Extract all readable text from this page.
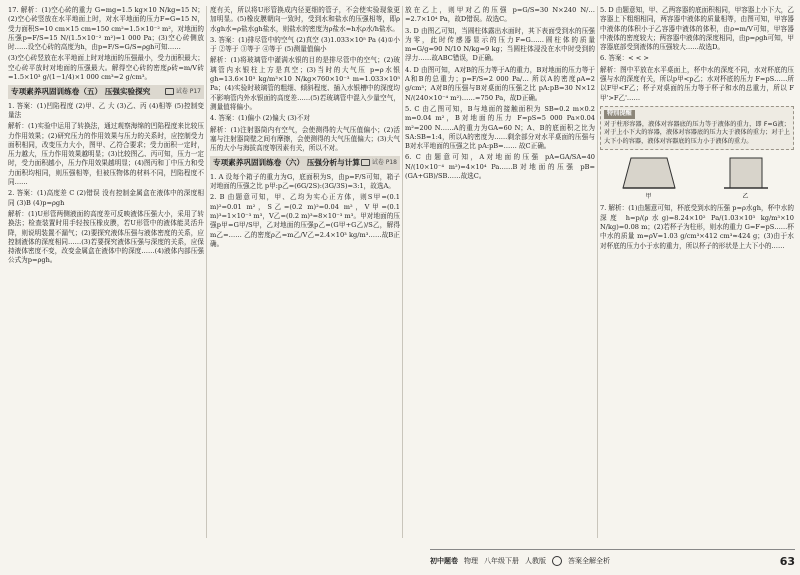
17. 解析：(1)空心砖的重力 G=mg=1.5 kg×10 N/kg=15 N；(2)空心砖竖放在水平地面上时，对水平地面的压力F=G=15 N，受力面积S=10 cm×15 cm=150 cm²=1.5×10⁻² m²，对地面的压强p=F/S=15 N/(1.5×10⁻² m²)=1 000 Pa；(3)空心砖侧放时……设空心砖的高度为h，由p=F/S=G/S=ρgh可知……

(3)空心砖竖放在水平地面上时对地面的压强最小，受力面积最大；空心砖平放时对地面的压强最大。解得空心砖的密度ρ砖=m/V砖=1.5×10³ g/(1−1/4)×1 000 cm³=2 g/cm³。

专项素养巩固训练卷（五） 压强实验探究	试卷 P17

1. 答案：(1)凹陷程度 (2)甲、乙 大 (3)乙、丙 (4)相等 (5)控制变量法

解析：(1)实验中运用了转换法，通过观察海绵的凹陷程度来比较压力作用效果；(2)研究压力的作用效果与压力的关系时，应控制受力面积相同，改变压力大小，图甲、乙符合要求；受力面积一定时，压力越大，压力作用效果越明显；(3)比较图乙、丙可知，压力一定时，受力面积越小，压力作用效果越明显；(4)图丙和丁中压力和受力面积均相同，则压强相等，但被压物体的材料不同，凹陷程度不同……

2. 答案：(1)高度差 C (2)错误 没有控制金属盒在液体中的深度相同 (3)B (4)p=ρgh

解析：(1)U形管两侧液面的高度差可反映液体压强大小，采用了转换法；检查装置时用手轻按压橡皮膜，若U形管中的液体能灵活升降，则说明装置不漏气；(2)要探究液体压强与液体密度的关系，应控制液体的深度相同……(3)若要探究液体压强与深度的关系，应保持液体密度不变，改变金属盒在液体中的深度……(4)液体内部压强公式为p=ρgh。

度有关，所以将U形管换成内径更细的管子，不会使实验现象更加明显。(5)橡皮膜朝向一致时，受到水和盐水的压强相等，即ρ水gh水=ρ盐水gh盐水，则盐水的密度为ρ盐水=h水ρ水/h盐水。

3. 答案：(1)排尽管中的空气 (2)真空 (3)1.033×10⁵ Pa (4)①小于 ②等于 ③等于 ④等于 (5)测量值偏小

解析：(1)将玻璃管中灌满水银的目的是排尽管中的空气；(2)玻璃管内水银柱上方是真空；(3)当时的大气压 p=ρ水银gh=13.6×10³ kg/m³×10 N/kg×760×10⁻³ m=1.033×10⁵ Pa；(4)实验时玻璃管的粗细、倾斜程度、插入水银槽中的深度均不影响管内外水银面的高度差……(5)若玻璃管中混入少量空气，测量值将偏小。

4. 答案：(1)偏小 (2)偏大 (3)不对

解析：(1)注射器筒内有空气，会使测得的大气压值偏小；(2)活塞与注射器筒壁之间有摩擦，会使测得的大气压值偏大；(3)大气压的大小与海拔高度等因素有关，所以不对。

专项素养巩固训练卷（六） 压强分析与计算	试卷 P18

1. A 设每个箱子的重力为G，底面积为S，由p=F/S可知，箱子对地面的压强之比 p甲:p乙=(6G/2S):(3G/3S)=3:1，故选A。

2. B 由题意可知，甲、乙均为实心正方体，则S甲=(0.1 m)²=0.01 m²，S乙=(0.2 m)²=0.04 m²，V甲=(0.1 m)³=1×10⁻³ m³，V乙=(0.2 m)³=8×10⁻³ m³。甲对地面的压强p甲=G甲/S甲，乙对地面的压强p乙=(G甲+G乙)/S乙，解得 m乙=…… 乙的密度ρ乙=m乙/V乙=2.4×10³ kg/m³……故B正确。

放在乙上，则甲对乙的压强 p=G/S=30 N×240 N/… =2.7×10⁴ Pa，故D错误。故选C。

3. D 由图乙可知，当圆柱体露出水面时，其下表面受到水的压强为零，此时传感器显示的压力F=G……圆柱体的质量 m=G/g=90 N/10 N/kg=9 kg；当圆柱体浸没在水中时受到的浮力……故ABC错误，D正确。

4. D 由图可知，A对B的压力等于A的重力，B对地面的压力等于A和B的总重力；p=F/S=2 000 Pa/… 所以A的密度ρA=2 g/cm³；A对B的压强与B对桌面的压强之比 pA:pB=30 N×12 N/(240×10⁻⁴ m²)……=750 Pa，故D正确。

5. C 由乙图可知，B与地面的接触面积为 SB=0.2 m×0.2 m=0.04 m²，B对地面的压力 F=pS=5 000 Pa×0.04 m²=200 N……A的重力为GA=60 N；A、B的底面积之比为 SA:SB=1:4，所以A的密度为……剩余部分对水平桌面的压强与B对水平地面的压强之比 pA:pB=…… 故C正确。

6. C 由题意可知，A对地面的压强 pA=GA/SA=40 N/(10×10⁻⁴ m²)=4×10⁴ Pa……B对地面的压强 pB=(GA+GB)/SB……故选C。

5. D 由题意知，甲、乙两容器的底面积相同，甲容器上小下大，乙容器上下粗细相同，两容器中液体的质量相等，由图可知，甲容器中液体的体积小于乙容器中液体的体积，由ρ=m/V可知，甲容器中液体的密度较大；两容器中液体的深度相同，由p=ρgh可知，甲容器底部受到液体的压强较大……故选D。

6. 答案：< < >

解析：图中平放在水平桌面上，杯中水的深度不同，水对杯底的压强与水的深度有关，所以p甲<p乙；水对杯底的压力 F=pS……所以F甲<F乙；杯子对桌面的压力等于杯子和水的总重力，所以 F甲'>F乙'……

特别提醒
对于柱形容器，液体对容器底的压力等于液体的重力，即 F=G液；对于上小下大的容器，液体对容器底的压力大于液体的重力；对于上大下小的容器，液体对容器底的压力小于液体的重力。
甲	乙

7. 解析：(1)由题意可知，杯底受到水的压强 p=ρ水gh，杯中水的深度 h=p/(ρ水g)=8.24×10² Pa/(1.03×10³ kg/m³×10 N/kg)=0.08 m；(2)若杯子为柱形，则水的重力 G=F=pS……杯中水的质量 m=ρV=1.03 g/cm³×412 cm³≈424 g；(3)由于水对杯底的压力小于水的重力，所以杯子的形状是上大下小的……

初中题卷 物理 八年级下册 人教版	答案全解全析	63
